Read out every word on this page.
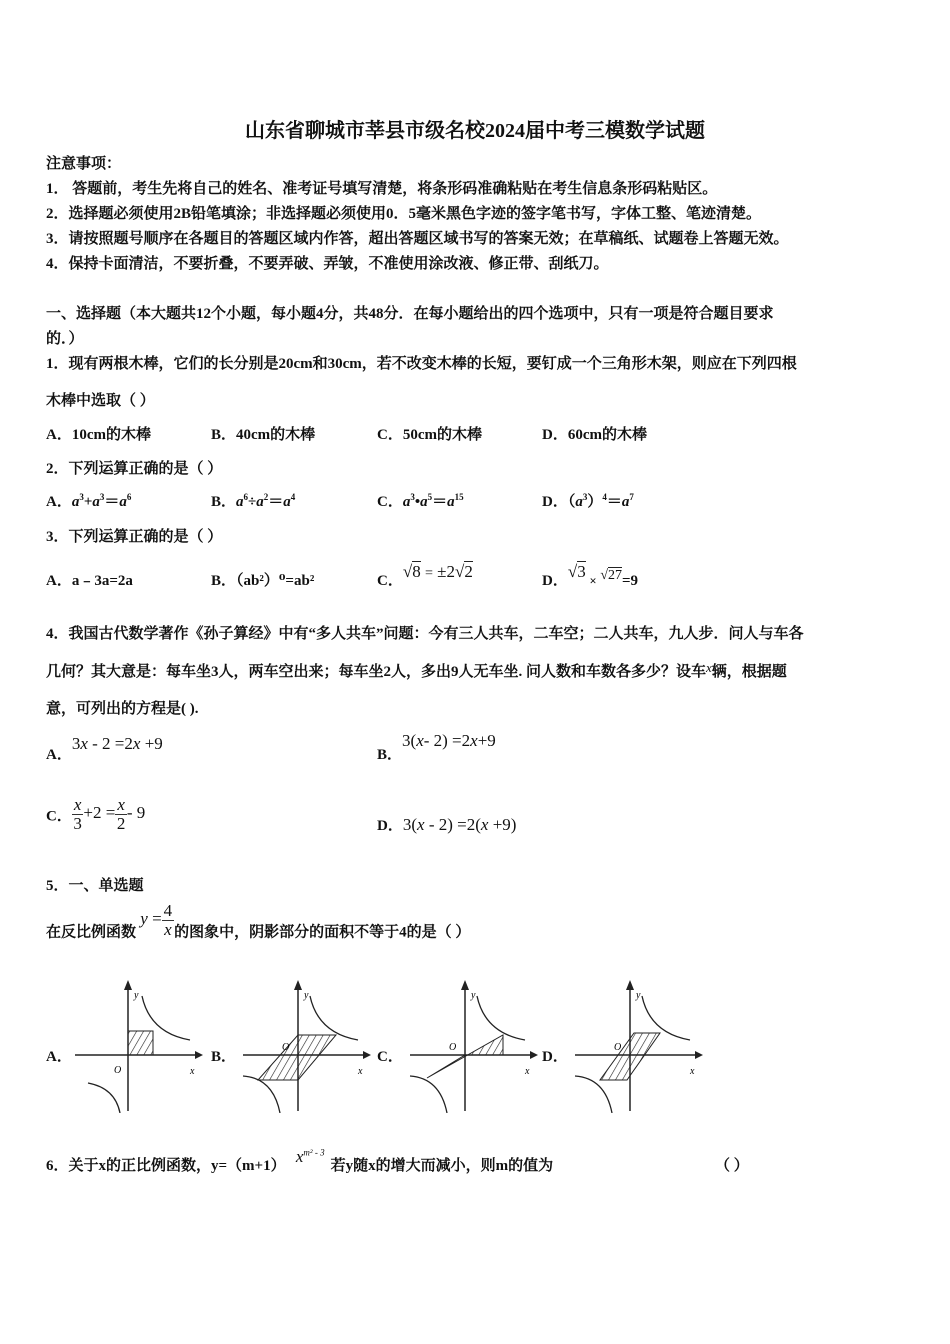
山东省聊城市莘县市级名校2024届中考三模数学试题
注意事项：
1． 答题前，考生先将自己的姓名、准考证号填写清楚，将条形码准确粘贴在考生信息条形码粘贴区。
2．选择题必须使用2B铅笔填涂；非选择题必须使用0．5毫米黑色字迹的签字笔书写，字体工整、笔迹清楚。
3．请按照题号顺序在各题目的答题区域内作答，超出答题区域书写的答案无效；在草稿纸、试题卷上答题无效。
4．保持卡面清洁，不要折叠，不要弄破、弄皱，不准使用涂改液、修正带、刮纸刀。
一、选择题（本大题共12个小题，每小题4分，共48分．在每小题给出的四个选项中，只有一项是符合题目要求
的．）
1．现有两根木棒，它们的长分别是20cm和30cm，若不改变木棒的长短，要钉成一个三角形木架，则应在下列四根
木棒中选取（ ）
A．10cm的木棒	B．40cm的木棒	C．50cm的木棒	D．60cm的木棒
2．下列运算正确的是（ ）
A．$a^3+a^3=a^6$	B．$a^6\div a^2=a^4$	C．$a^3•a^5=a^{15}$	D．$(a^3)^4=a^7$
3．下列运算正确的是（ ）
A．a﹣3a=2a	B．（ab²）⁰=ab²	C．√8 = ±2√2	D．√3 × √27=9
4．我国古代数学著作《孙子算经》中有“多人共车”问题：今有三人共车，二车空；二人共车，九人步．问人与车各
几何？其大意是：每车坐3人，两车空出来；每车坐2人，多出9人无车坐. 问人数和车数各多少？设车x辆，根据题
意，可列出的方程是( ).
A．3x - 2 =2x +9
B．3(x- 2) =2x+9
C． $\frac{x}{3} +2 = \frac{x}{2} - 9$
D．3(x - 2) =2(x +9)
5．一、单选题
在反比例函数 $y = \frac{4}{x}$ 的图象中，阴影部分的面积不等于4的是（ ）
A．	B．	C．	D．
O	x
y
O
x
y
O
x
y
O
x
y
6．关于x的正比例函数，y=（m+1） $x^{m^2 - 3}$若y随x的增大而减小，则m的值为	（ ）
